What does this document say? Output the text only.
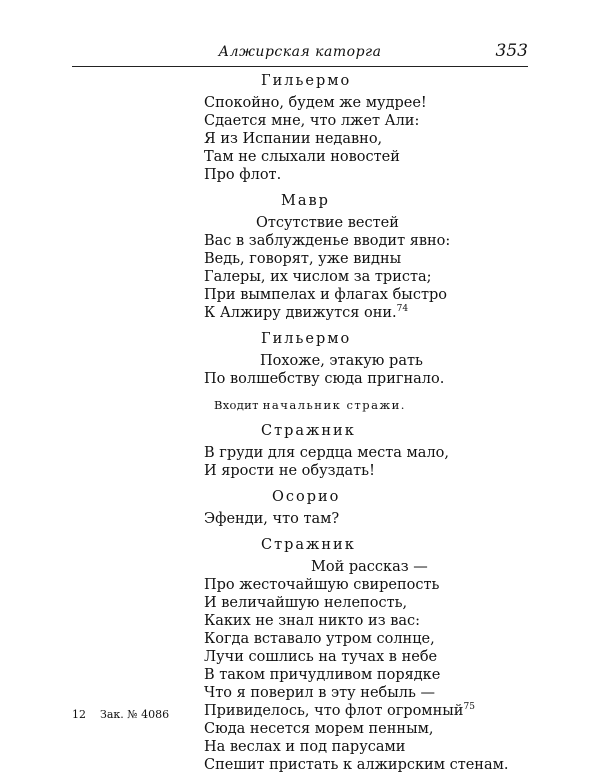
Алжирская каторга	353
Гильермо
Спокойно, будем же мудрее!
Сдается мне, что лжет Али:
Я из Испании недавно,
Там не слыхали новостей
Про флот.
Мавр
Отсутствие вестей
Вас в заблужденье вводит явно:
Ведь, говорят, уже видны
Галеры, их числом за триста;
При вымпелах и флагах быстро
К Алжиру движутся они.$^{74}$
Гильермо
Похоже, этакую рать
По волшебству сюда пригнало.
Входит начальник стражи.
Стражник
В груди для сердца места мало,
И ярости не обуздать!
Осорио
Эфенди, что там?
Стражник
Мой рассказ —
Про жесточайшую свирепость
И величайшую нелепость,
Каких не знал никто из вас:
Когда вставало утром солнце,
Лучи сошлись на тучах в небе
В таком причудливом порядке
Что я поверил в эту небыль —
Привиделось, что флот огромный$^{75}$
Сюда несется морем пенным,
На веслах и под парусами
Спешит пристать к алжирским стенам.
12 Зак. № 4086
